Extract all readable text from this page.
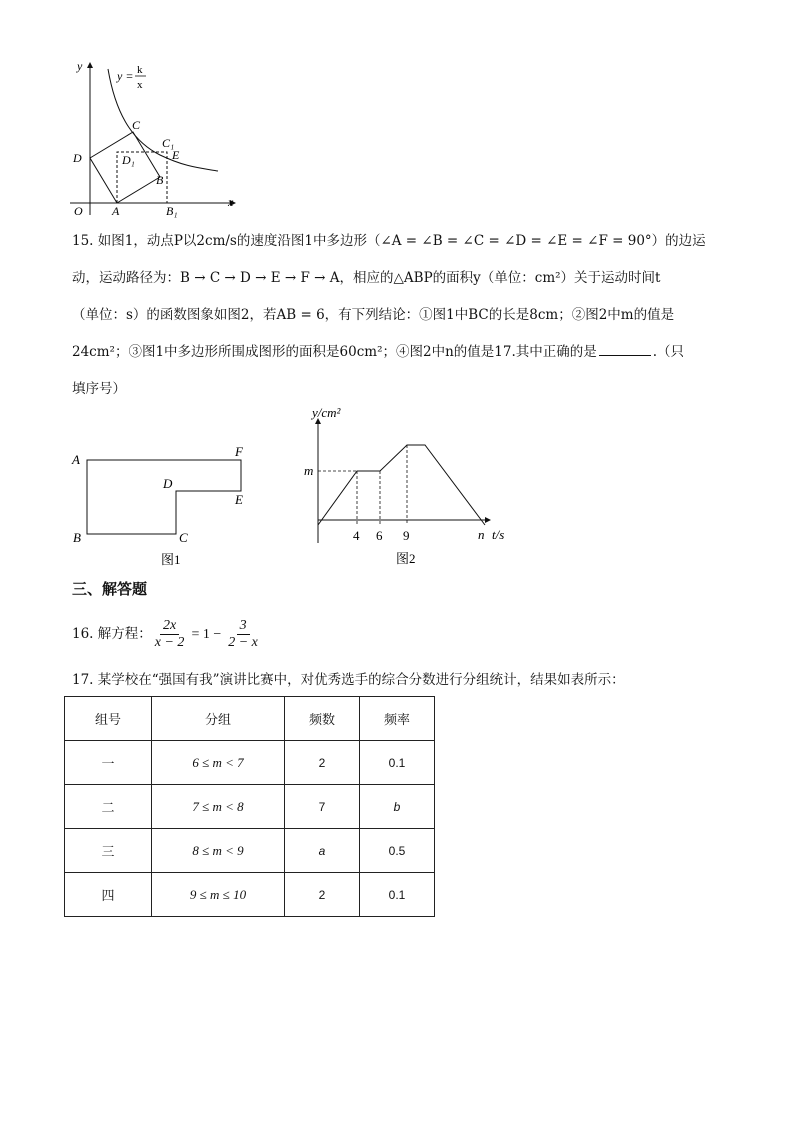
y
x
O
y = k
x
C
C₁
D	D₁	E
B
A	B₁
15. 如图1，动点P以2cm/s的速度沿图1中多边形（∠A = ∠B = ∠C = ∠D = ∠E = ∠F = 90°）的边运
动，运动路径为：B → C → D → E → F → A，相应的△ABP的面积y（单位：cm²）关于运动时间t
（单位：s）的函数图象如图2，若AB = 6，有下列结论：①图1中BC的长是8cm；②图2中m的值是
24cm²；③图1中多边形所围成图形的面积是60cm²；④图2中n的值是17.其中正确的是	.（只
填序号）
A
F
D
E
B	C
图1
y/cm²
m
4 6 9	n t/s
图2
三、解答题
16. 解方程： $\frac{2x}{x - 2} = 1 - \frac{3}{2 - x}$
17. 某学校在“强国有我”演讲比赛中，对优秀选手的综合分数进行分组统计，结果如表所示：
组号	分组	频数	频率
一	6 ≤ m < 7	2	0.1
二	7 ≤ m < 8	7	b
三	8 ≤ m < 9	a	0.5
四	9 ≤ m ≤ 10	2	0.1
